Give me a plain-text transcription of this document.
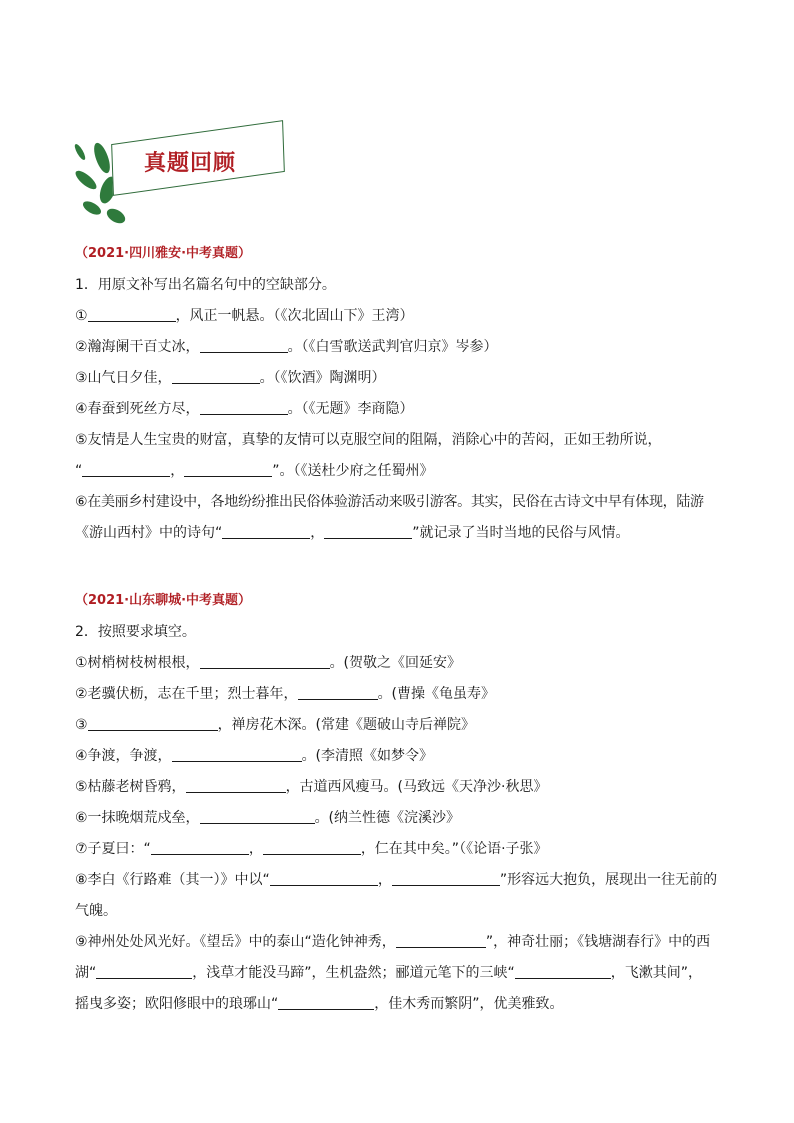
真题回顾
（2021·四川雅安·中考真题）
1．用原文补写出名篇名句中的空缺部分。
①	，风正一帆悬。（《次北固山下》王湾）
②瀚海阑干百丈冰，	。（《白雪歌送武判官归京》岑参）
③山气日夕佳，	。（《饮酒》陶渊明）
④春蚕到死丝方尽，	。（《无题》李商隐）
⑤友情是人生宝贵的财富，真挚的友情可以克服空间的阻隔，消除心中的苦闷，正如王勃所说，
“	，	”。（《送杜少府之任蜀州》
⑥在美丽乡村建设中，各地纷纷推出民俗体验游活动来吸引游客。其实，民俗在古诗文中早有体现，陆游
《游山西村》中的诗句“	，	”就记录了当时当地的民俗与风情。
（2021·山东聊城·中考真题）
2．按照要求填空。
①树梢树枝树根根，	。(贺敬之《回延安》
②老骥伏枥，志在千里；烈士暮年，	。(曹操《龟虽寿》
③	，禅房花木深。(常建《题破山寺后禅院》
④争渡，争渡，	。(李清照《如梦令》
⑤枯藤老树昏鸦，	，古道西风瘦马。(马致远《天净沙·秋思》
⑥一抹晚烟荒戍垒，	。(纳兰性德《浣溪沙》
⑦子夏曰：“	，	，仁在其中矣。”（《论语·子张》
⑧李白《行路难（其一）》中以“	，	”形容远大抱负，展现出一往无前的
气魄。
⑨神州处处风光好。《望岳》中的泰山“造化钟神秀，	”，神奇壮丽；《钱塘湖春行》中的西
湖“	，浅草才能没马蹄”，生机盎然；郦道元笔下的三峡“	，飞漱其间”，
摇曳多姿；欧阳修眼中的琅琊山“	，佳木秀而繁阴”，优美雅致。
